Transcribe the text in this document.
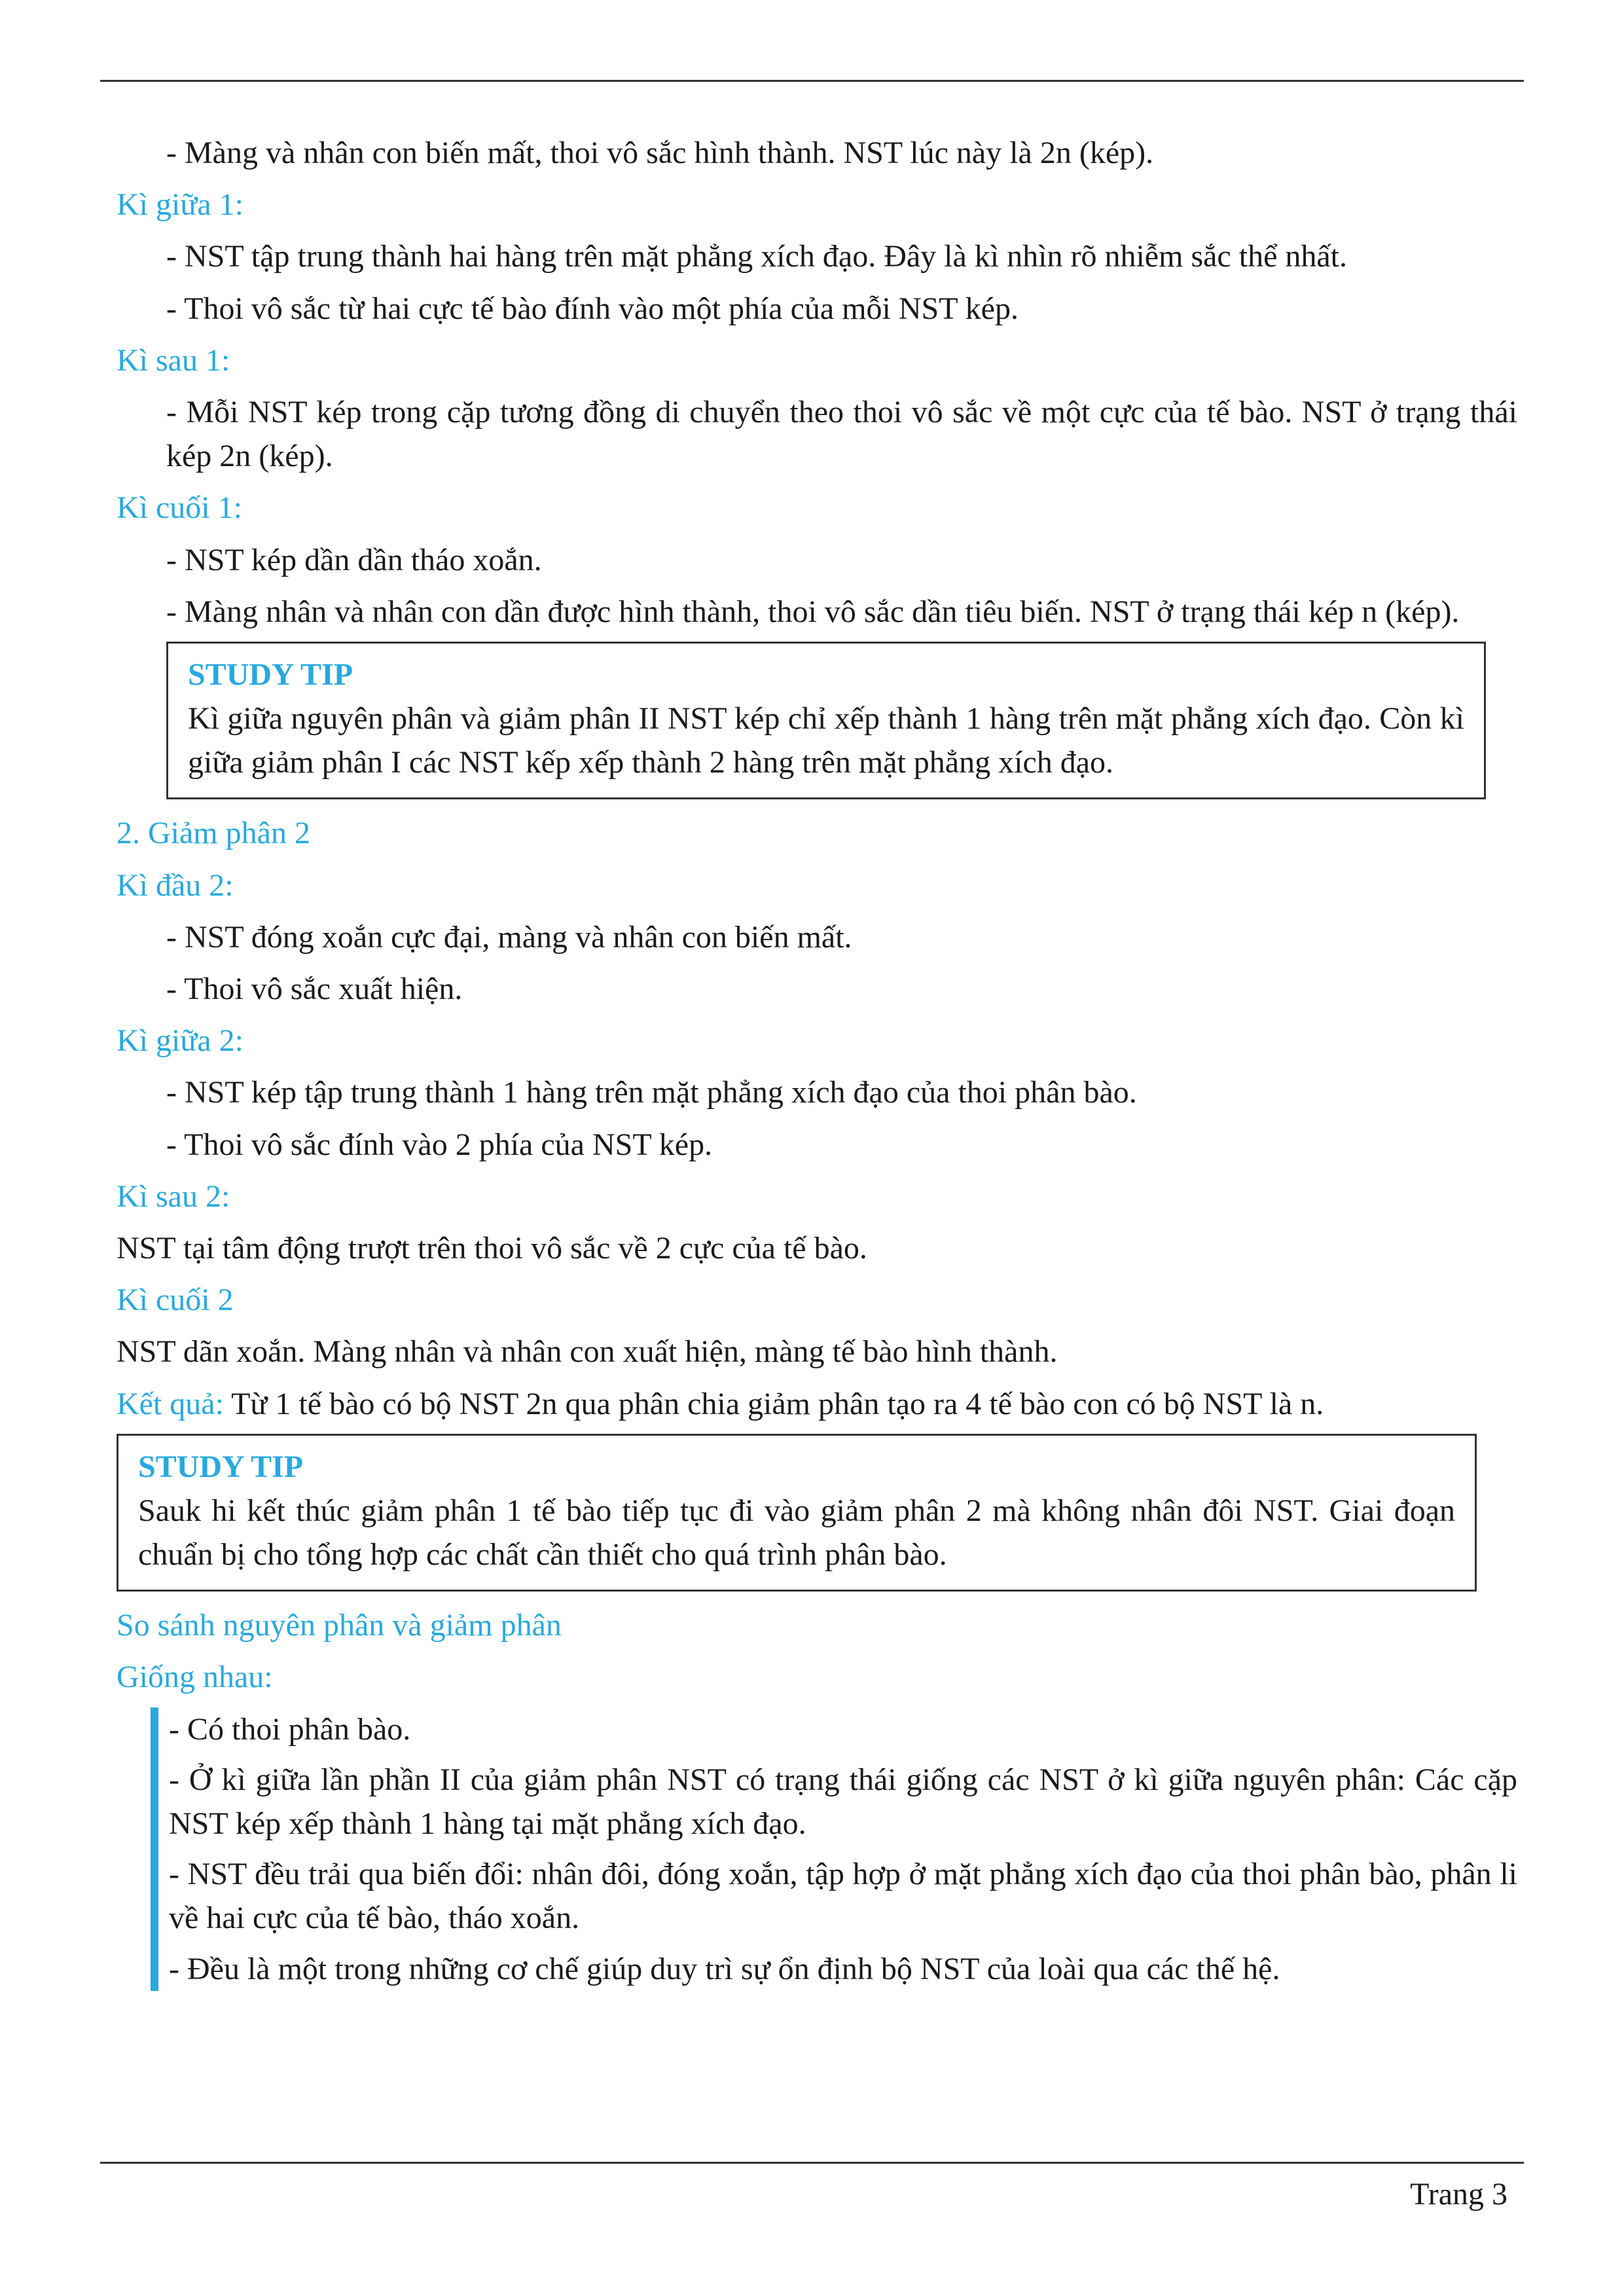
- Màng và nhân con biến mất, thoi vô sắc hình thành. NST lúc này là 2n (kép).

Kì giữa 1:

- NST tập trung thành hai hàng trên mặt phẳng xích đạo. Đây là kì nhìn rõ nhiễm sắc thể nhất.

- Thoi vô sắc từ hai cực tế bào đính vào một phía của mỗi NST kép.

Kì sau 1:

- Mỗi NST kép trong cặp tương đồng di chuyển theo thoi vô sắc về một cực của tế bào. NST ở trạng thái kép 2n (kép).

Kì cuối 1:

- NST kép dần dần tháo xoắn.

- Màng nhân và nhân con dần được hình thành, thoi vô sắc dần tiêu biến. NST ở trạng thái kép n (kép).

STUDY TIP

Kì giữa nguyên phân và giảm phân II NST kép chỉ xếp thành 1 hàng trên mặt phẳng xích đạo. Còn kì giữa giảm phân I các NST kếp xếp thành 2 hàng trên mặt phẳng xích đạo.

2. Giảm phân 2

Kì đầu 2:

- NST đóng xoắn cực đại, màng và nhân con biến mất.

- Thoi vô sắc xuất hiện.

Kì giữa 2:

- NST kép tập trung thành 1 hàng trên mặt phẳng xích đạo của thoi phân bào.

- Thoi vô sắc đính vào 2 phía của NST kép.

Kì sau 2:

NST tại tâm động trượt trên thoi vô sắc về 2 cực của tế bào.

Kì cuối 2

NST dãn xoắn. Màng nhân và nhân con xuất hiện, màng tế bào hình thành.

Kết quả: Từ 1 tế bào có bộ NST 2n qua phân chia giảm phân tạo ra 4 tế bào con có bộ NST là n.

STUDY TIP

Sauk hi kết thúc giảm phân 1 tế bào tiếp tục đi vào giảm phân 2 mà không nhân đôi NST. Giai đoạn chuẩn bị cho tổng hợp các chất cần thiết cho quá trình phân bào.

So sánh nguyên phân và giảm phân

Giống nhau:

- Có thoi phân bào.

- Ở kì giữa lần phần II của giảm phân NST có trạng thái giống các NST ở kì giữa nguyên phân: Các cặp NST kép xếp thành 1 hàng tại mặt phẳng xích đạo.

- NST đều trải qua biến đổi: nhân đôi, đóng xoắn, tập hợp ở mặt phẳng xích đạo của thoi phân bào, phân li về hai cực của tế bào, tháo xoắn.

- Đều là một trong những cơ chế giúp duy trì sự ổn định bộ NST của loài qua các thế hệ.

Trang 3
